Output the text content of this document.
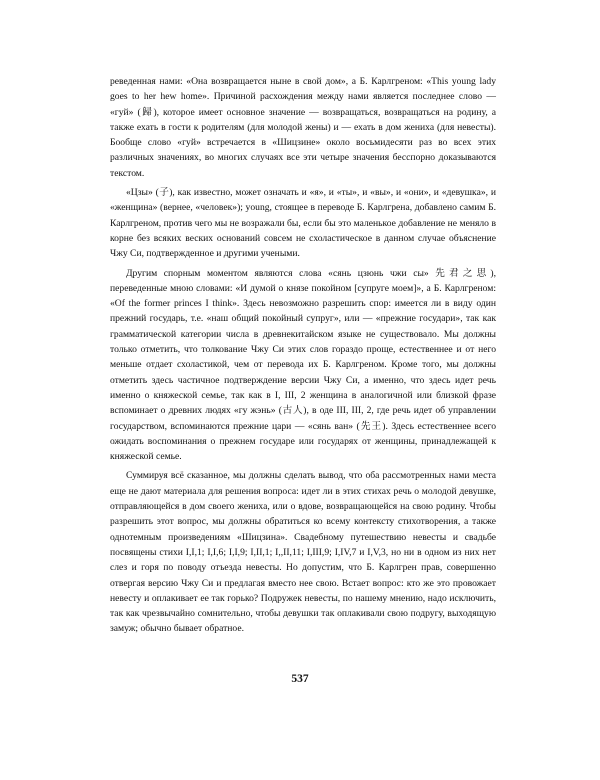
реведенная нами: «Она возвращается ныне в свой дом», а Б. Карлгреном: «This young lady goes to her hew home». Причиной расхождения между нами является последнее слово — «гуй» (歸), которое имеет основное значение — возвращаться, возвращаться на родину, а также ехать в гости к родителям (для молодой жены) и — ехать в дом жениха (для невесты). Бообще слово «гуй» встречается в «Шицзине» около восьмидесяти раз во всех этих различных значениях, во многих случаях все эти четыре значения бесспорно доказываются текстом.

«Цзы» (子), как известно, может означать и «я», и «ты», и «вы», и «они», и «девушка», и «женщина» (вернее, «человек»); young, стоящее в переводе Б. Карлгрена, добавлено самим Б. Карлгреном, против чего мы не возражали бы, если бы это маленькое добавление не меняло в корне без всяких веских оснований совсем не схоластическое в данном случае объяснение Чжу Си, подтвержденное и другими учеными.

Другим спорным моментом являются слова «сянь цзюнь чжи сы» 先君之思), переведенные мною словами: «И думой о князе покойном [супруге моем]», а Б. Карлгреном: «Of the former princes I think». Здесь невозможно разрешить спор: имеется ли в виду один прежний государь, т.е. «наш общий покойный супруг», или — «прежние государи», так как грамматической категории числа в древнекитайском языке не существовало. Мы должны только отметить, что толкование Чжу Си этих слов гораздо проще, естественнее и от него меньше отдает схоластикой, чем от перевода их Б. Карлгреном. Кроме того, мы должны отметить здесь частичное подтверждение версии Чжу Си, а именно, что здесь идет речь именно о княжеской семье, так как в I, III, 2 женщина в аналогичной или близкой фразе вспоминает о древних людях «гу жэнь» (古人), в оде III, III, 2, где речь идет об управлении государством, вспоминаются прежние цари — «сянь ван» (先王). Здесь естественнее всего ожидать воспоминания о прежнем государе или государях от женщины, принадлежащей к княжеской семье.

Суммируя всё сказанное, мы должны сделать вывод, что оба рассмотренных нами места еще не дают материала для решения вопроса: идет ли в этих стихах речь о молодой девушке, отправляющейся в дом своего жениха, или о вдове, возвращающейся на свою родину. Чтобы разрешить этот вопрос, мы должны обратиться ко всему контексту стихотворения, а также однотемным произведениям «Шицзина». Свадебному путешествию невесты и свадьбе посвящены стихи I,I,1; I,I,6; I,I,9; I,II,1; I,,II,11; I,III,9; I,IV,7 и I,V,3, но ни в одном из них нет слез и горя по поводу отъезда невесты. Но допустим, что Б. Карлгрен прав, совершенно отвергая версию Чжу Си и предлагая вместо нее свою. Встает вопрос: кто же это провожает невесту и оплакивает ее так горько? Подружек невесты, по нашему мнению, надо исключить, так как чрезвычайно сомнительно, чтобы девушки так оплакивали свою подругу, выходящую замуж; обычно бывает обратное.

537
